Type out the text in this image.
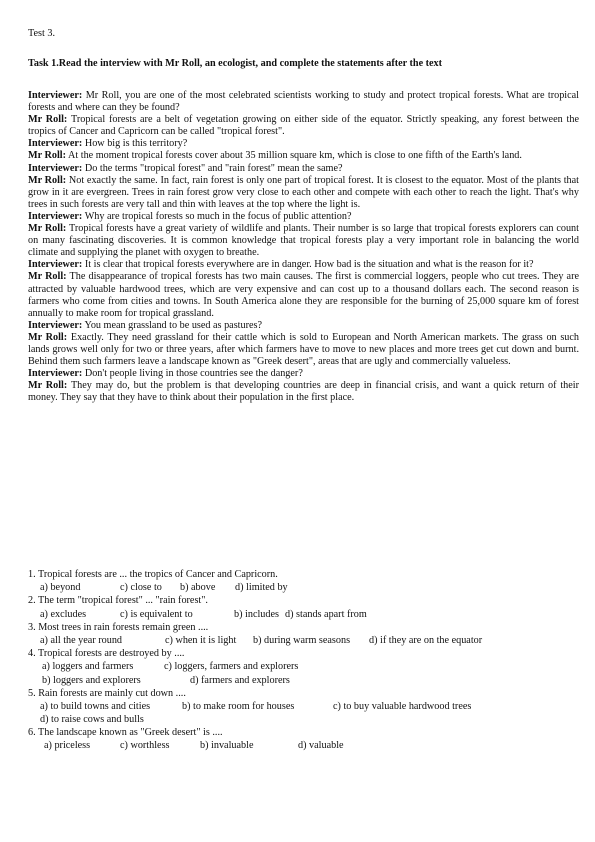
Test 3.
Task 1.Read the interview with Mr Roll, an ecologist, and complete the statements after the text

Interviewer: Mr Roll, you are one of the most celebrated scientists working to study and protect tropical forests. What are tropical forests and where can they be found?

Mr Roll: Tropical forests are a belt of vegetation growing on either side of the equator. Strictly speaking, any forest between the tropics of Cancer and Capricorn can be called "tropical forest".

Interviewer: How big is this territory?

Mr Roll: At the moment tropical forests cover about 35 million square km, which is close to one fifth of the Earth's land.

Interviewer: Do the terms "tropical forest" and "rain forest" mean the same?

Mr Roll: Not exactly the same. In fact, rain forest is only one part of tropical forest. It is closest to the equator. Most of the plants that grow in it are evergreen. Trees in rain forest grow very close to each other and compete with each other to reach the light. That's why trees in such forests are very tall and thin with leaves at the top where the light is.

Interviewer: Why are tropical forests so much in the focus of public attention?

Mr Roll: Tropical forests have a great variety of wildlife and plants. Their number is so large that tropical forests explorers can count on many fascinating discoveries. It is common knowledge that tropical forests play a very important role in balancing the world climate and supplying the planet with oxygen to breathe.

Interviewer: It is clear that tropical forests everywhere are in danger. How bad is the situation and what is the reason for it?

Mr Roll: The disappearance of tropical forests has two main causes. The first is commercial loggers, people who cut trees. They are attracted by valuable hardwood trees, which are very expensive and can cost up to a thousand dollars each. The second reason is farmers who come from cities and towns. In South America alone they are responsible for the burning of 25,000 square km of forest annually to make room for tropical grassland.

Interviewer: You mean grassland to be used as pastures?

Mr Roll: Exactly. They need grassland for their cattle which is sold to European and North American markets. The grass on such lands grows well only for two or three years, after which farmers have to move to new places and more trees get cut down and burnt. Behind them such farmers leave a landscape known as "Greek desert", areas that are ugly and commercially valueless.

Interviewer: Don't people living in those countries see the danger?

Mr Roll: They may do, but the problem is that developing countries are deep in financial crisis, and want a quick return of their money. They say that they have to think about their population in the first place.

1. Tropical forests are ... the tropics of Cancer and Capricorn.

a) beyond	c) close to b) above d) limited by

2. The term "tropical forest" ... "rain forest".

a) excludes	c) is equivalent to	b) includes d) stands apart from

3. Most trees in rain forests remain green ....

a) all the year round	c) when it is light b) during warm seasons d) if they are on the equator

4. Tropical forests are destroyed by ....

a) loggers and farmers	c) loggers, farmers and explorers
b) loggers and explorers	d) farmers and explorers

5. Rain forests are mainly cut down ....

a) to build towns and cities	b) to make room for houses	c) to buy valuable hardwood trees
d) to raise cows and bulls

6. The landscape known as "Greek desert" is ....

a) priceless	c) worthless	b) invaluable	d) valuable
